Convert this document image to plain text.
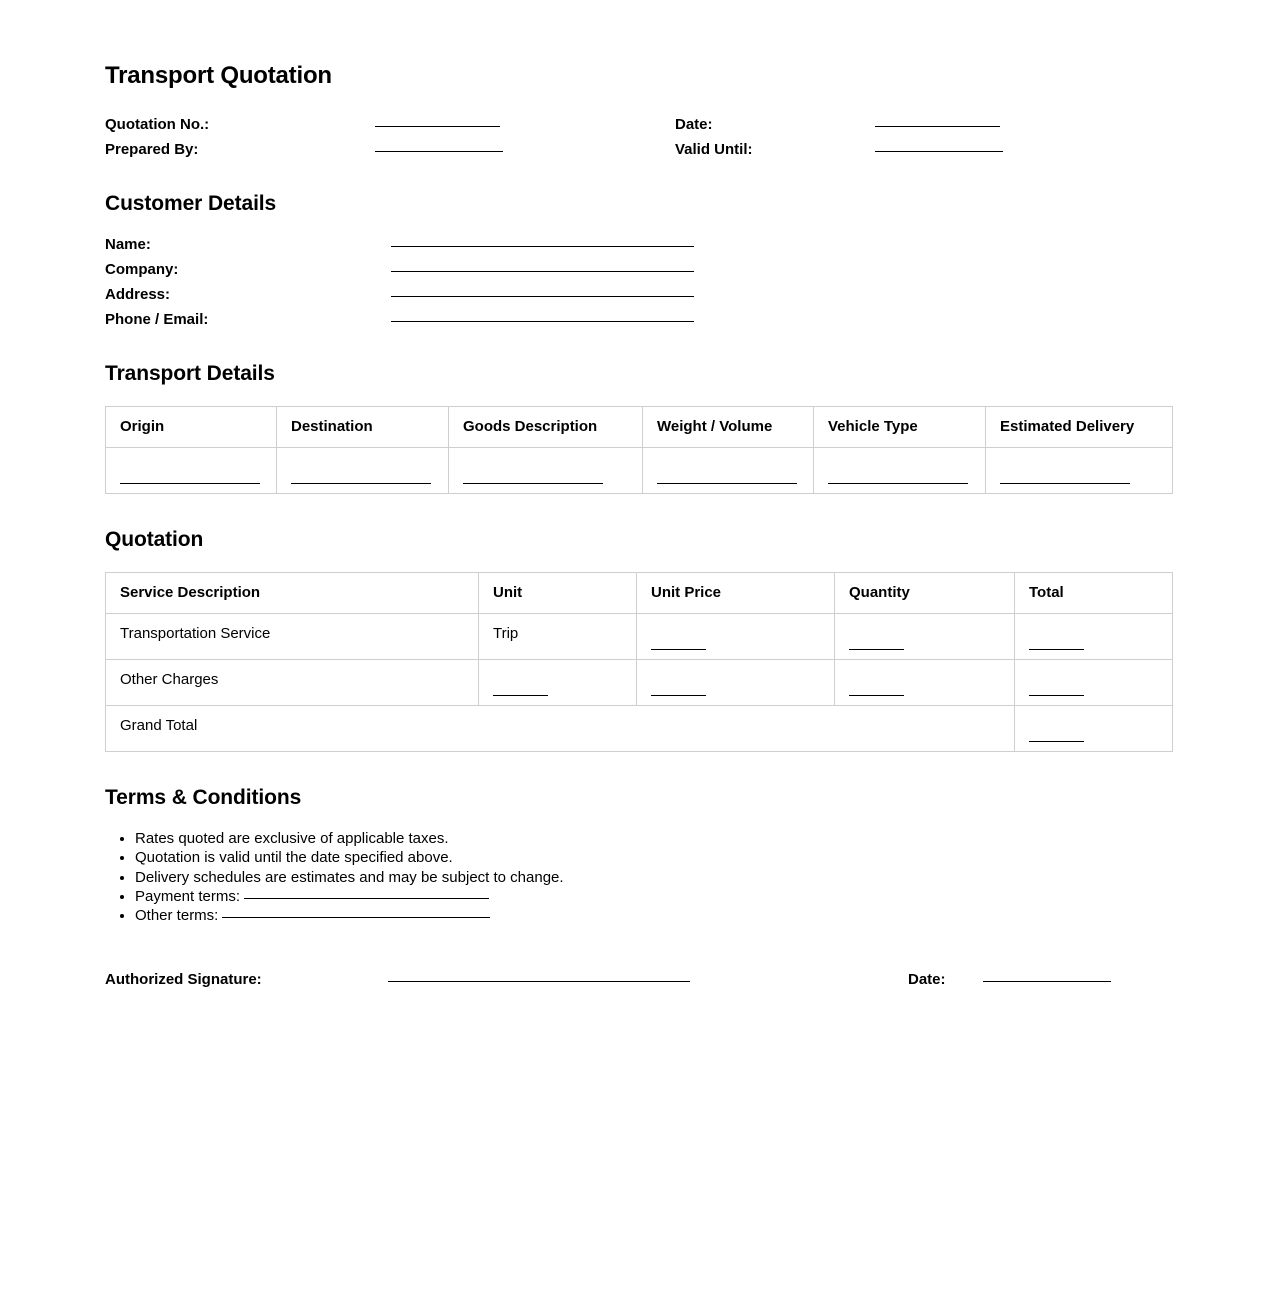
Transport Quotation
Quotation No.:	Date:
Prepared By:	Valid Until:
Customer Details
Name:
Company:
Address:
Phone / Email:
Transport Details
Origin	Destination	Goods Description	Weight / Volume	Vehicle Type	Estimated Delivery

Quotation
Service Description	Unit	Unit Price	Quantity	Total
Transportation Service	Trip			
Other Charges				
Grand Total				
Terms & Conditions
• Rates quoted are exclusive of applicable taxes.
• Quotation is valid until the date specified above.
• Delivery schedules are estimates and may be subject to change.
• Payment terms:
• Other terms:
Authorized Signature:	Date:
